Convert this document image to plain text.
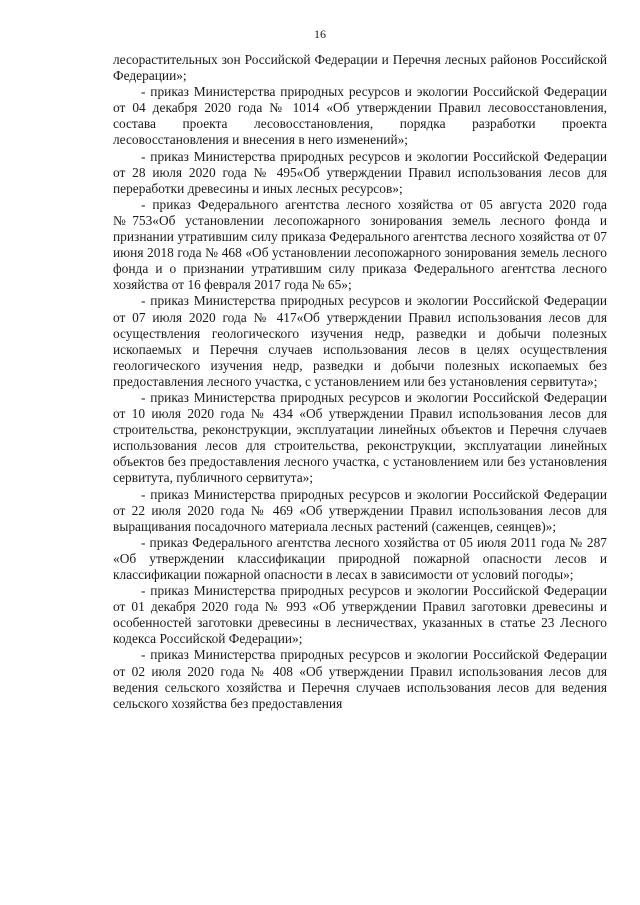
16

лесорастительных зон Российской Федерации и Перечня лесных районов Российской Федерации»;

- приказ Министерства природных ресурсов и экологии Российской Федерации от 04 декабря 2020 года № 1014 «Об утверждении Правил лесовосстановления, состава проекта лесовосстановления, порядка разработки проекта лесовосстановления и внесения в него изменений»;

- приказ Министерства природных ресурсов и экологии Российской Федерации от 28 июля 2020 года № 495«Об утверждении Правил использования лесов для переработки древесины и иных лесных ресурсов»;

- приказ Федерального агентства лесного хозяйства от 05 августа 2020 года №753«Об установлении лесопожарного зонирования земель лесного фонда и признании утратившим силу приказа Федерального агентства лесного хозяйства от 07 июня 2018 года № 468 «Об установлении лесопожарного зонирования земель лесного фонда и о признании утратившим силу приказа Федерального агентства лесного хозяйства от 16 февраля 2017 года № 65»;

- приказ Министерства природных ресурсов и экологии Российской Федерации от 07 июля 2020 года № 417«Об утверждении Правил использования лесов для осуществления геологического изучения недр, разведки и добычи полезных ископаемых и Перечня случаев использования лесов в целях осуществления геологического изучения недр, разведки и добычи полезных ископаемых без предоставления лесного участка, с установлением или без установления сервитута»;

- приказ Министерства природных ресурсов и экологии Российской Федерации от 10 июля 2020 года № 434 «Об утверждении Правил использования лесов для строительства, реконструкции, эксплуатации линейных объектов и Перечня случаев использования лесов для строительства, реконструкции, эксплуатации линейных объектов без предоставления лесного участка, с установлением или без установления сервитута, публичного сервитута»;

- приказ Министерства природных ресурсов и экологии Российской Федерации от 22 июля 2020 года № 469 «Об утверждении Правил использования лесов для выращивания посадочного материала лесных растений (саженцев, сеянцев)»;

- приказ Федерального агентства лесного хозяйства от 05 июля 2011 года № 287 «Об утверждении классификации природной пожарной опасности лесов и классификации пожарной опасности в лесах в зависимости от условий погоды»;

- приказ Министерства природных ресурсов и экологии Российской Федерации от 01 декабря 2020 года № 993 «Об утверждении Правил заготовки древесины и особенностей заготовки древесины в лесничествах, указанных в статье 23 Лесного кодекса Российской Федерации»;

- приказ Министерства природных ресурсов и экологии Российской Федерации от 02 июля 2020 года № 408 «Об утверждении Правил использования лесов для ведения сельского хозяйства и Перечня случаев использования лесов для ведения сельского хозяйства без предоставления
